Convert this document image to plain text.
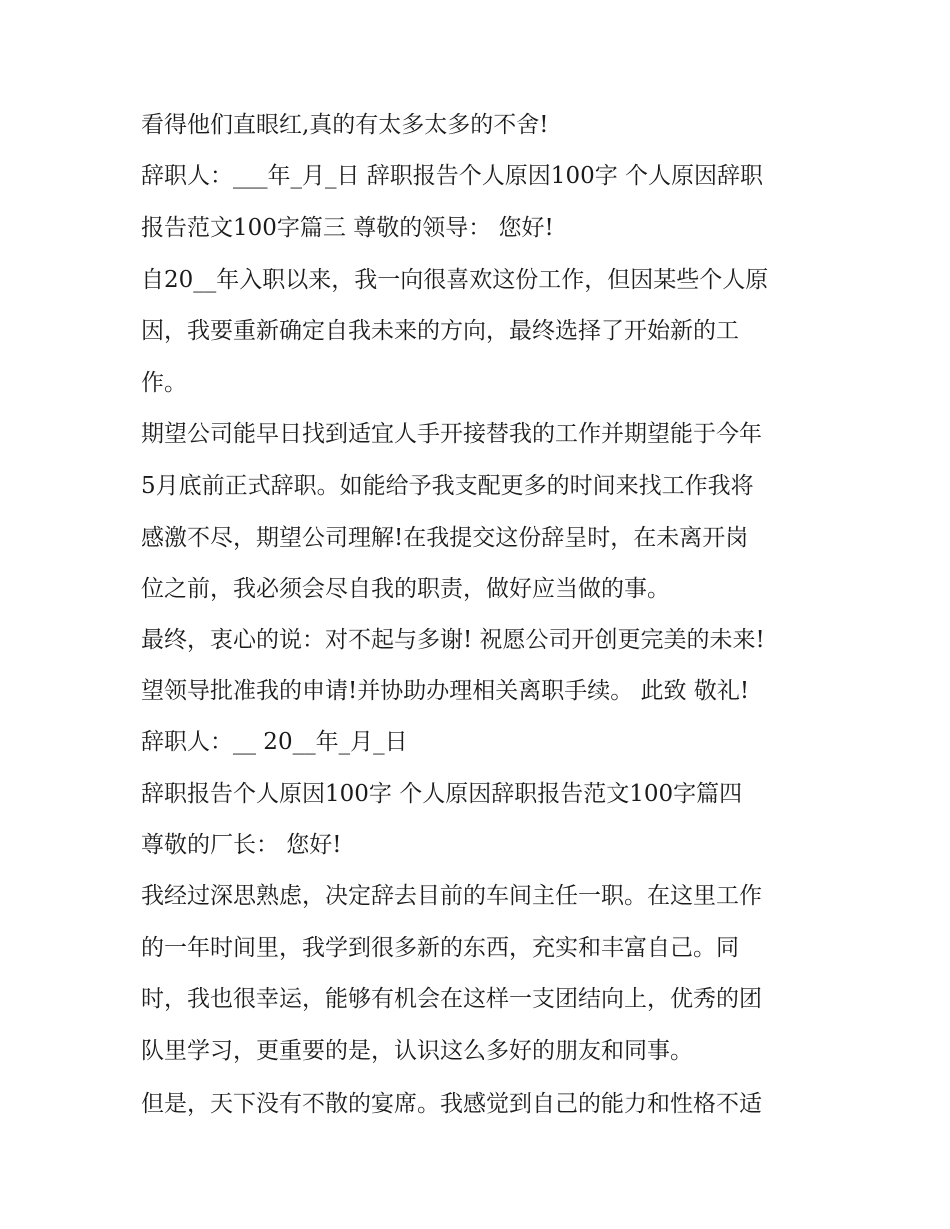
看得他们直眼红,真的有太多太多的不舍!
辞职人：___年_月_日 辞职报告个人原因100字 个人原因辞职
报告范文100字篇三 尊敬的领导： 您好!
自20__年入职以来，我一向很喜欢这份工作，但因某些个人原
因，我要重新确定自我未来的方向，最终选择了开始新的工
作。
期望公司能早日找到适宜人手开接替我的工作并期望能于今年
5月底前正式辞职。如能给予我支配更多的时间来找工作我将
感激不尽，期望公司理解!在我提交这份辞呈时，在未离开岗
位之前，我必须会尽自我的职责，做好应当做的事。
最终，衷心的说：对不起与多谢! 祝愿公司开创更完美的未来!
望领导批准我的申请!并协助办理相关离职手续。 此致 敬礼!
辞职人：__ 20__年_月_日
辞职报告个人原因100字 个人原因辞职报告范文100字篇四
尊敬的厂长： 您好!
我经过深思熟虑，决定辞去目前的车间主任一职。在这里工作
的一年时间里，我学到很多新的东西，充实和丰富自己。同
时，我也很幸运，能够有机会在这样一支团结向上，优秀的团
队里学习，更重要的是，认识这么多好的朋友和同事。
但是，天下没有不散的宴席。我感觉到自己的能力和性格不适
